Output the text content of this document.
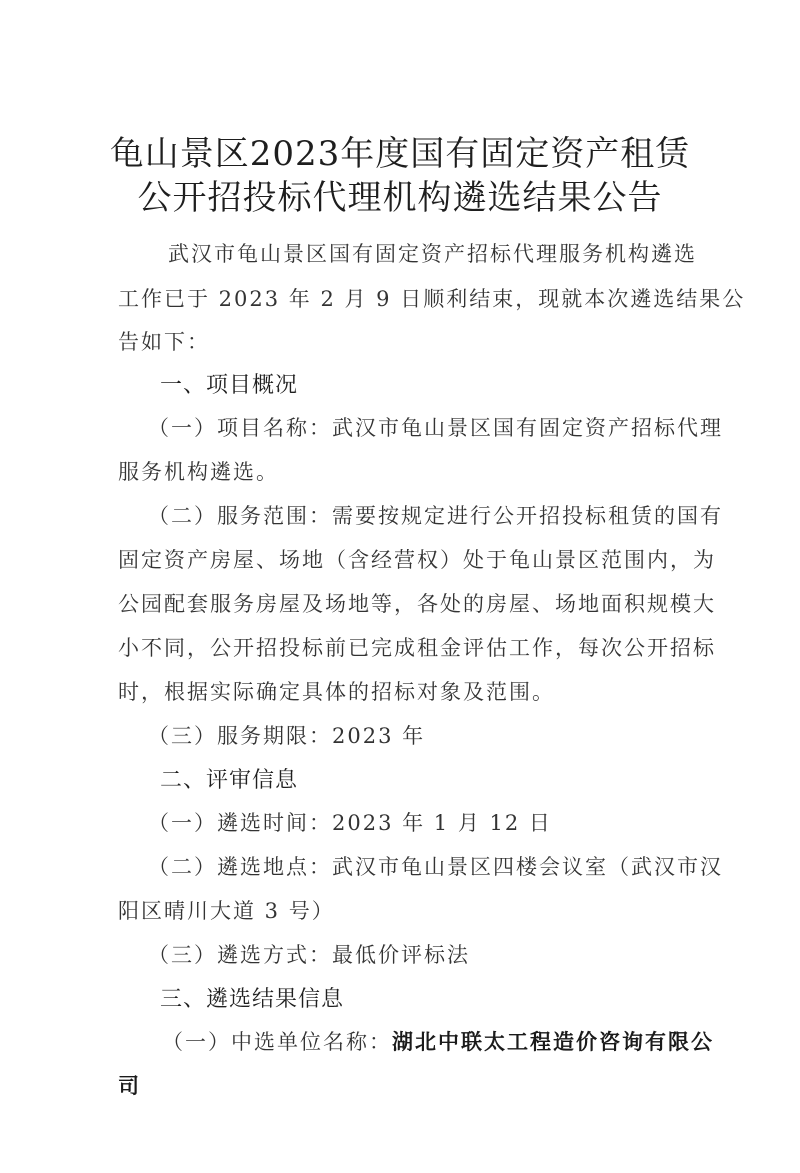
龟山景区2023年度国有固定资产租赁
公开招投标代理机构遴选结果公告
武汉市龟山景区国有固定资产招标代理服务机构遴选
工作已于 2023 年 2 月 9 日顺利结束，现就本次遴选结果公
告如下：
一、项目概况
（一）项目名称：武汉市龟山景区国有固定资产招标代理
服务机构遴选。
（二）服务范围：需要按规定进行公开招投标租赁的国有
固定资产房屋、场地（含经营权）处于龟山景区范围内，为
公园配套服务房屋及场地等，各处的房屋、场地面积规模大
小不同，公开招投标前已完成租金评估工作，每次公开招标
时，根据实际确定具体的招标对象及范围。
（三）服务期限：2023 年
二、评审信息
（一）遴选时间：2023 年 1 月 12 日
（二）遴选地点：武汉市龟山景区四楼会议室（武汉市汉
阳区晴川大道 3 号）
（三）遴选方式：最低价评标法
三、遴选结果信息
（一）中选单位名称：湖北中联太工程造价咨询有限公
司
